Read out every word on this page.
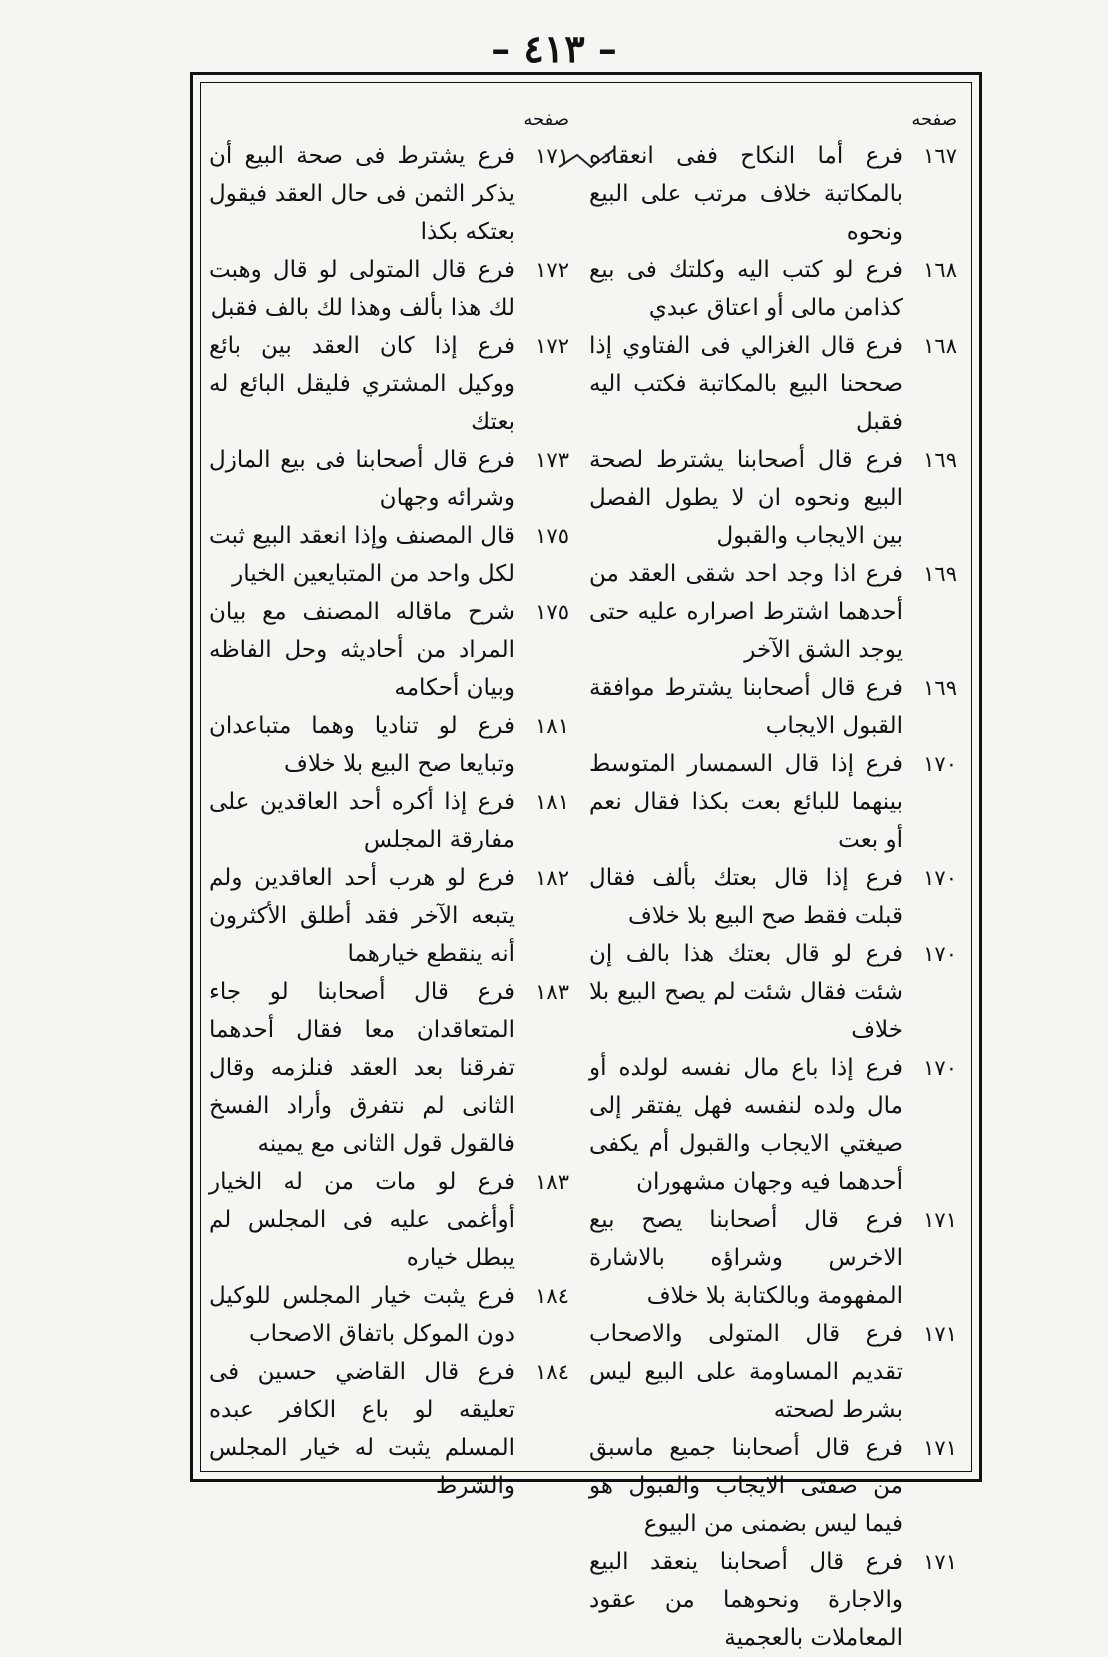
– ٤١٣ –
صفحه
١٦٧
فرع أما النكاح ففى انعقاده بالمكاتبة خلاف مرتب على البيع ونحوه
١٦٨
فرع لو كتب اليه وكلتك فى بيع كذامن مالى أو اعتاق عبدي
١٦٨
فرع قال الغزالي فى الفتاوي إذا صححنا البيع بالمكاتبة فكتب اليه فقبل
١٦٩
فرع قال أصحابنا يشترط لصحة البيع ونحوه ان لا يطول الفصل بين الايجاب والقبول
١٦٩
فرع اذا وجد احد شقى العقد من أحدهما اشترط اصراره عليه حتى يوجد الشق الآخر
١٦٩
فرع قال أصحابنا يشترط موافقة القبول الايجاب
١٧٠
فرع إذا قال السمسار المتوسط بينهما للبائع بعت بكذا فقال نعم أو بعت
١٧٠
فرع إذا قال بعتك بألف فقال قبلت فقط صح البيع بلا خلاف
١٧٠
فرع لو قال بعتك هذا بالف إن شئت فقال شئت لم يصح البيع بلا خلاف
١٧٠
فرع إذا باع مال نفسه لولده أو مال ولده لنفسه فهل يفتقر إلى صيغتي الايجاب والقبول أم يكفى أحدهما فيه وجهان مشهوران
١٧١
فرع قال أصحابنا يصح بيع الاخرس وشراؤه بالاشارة المفهومة وبالكتابة بلا خلاف
١٧١
فرع قال المتولى والاصحاب تقديم المساومة على البيع ليس بشرط لصحته
١٧١
فرع قال أصحابنا جميع ماسبق من صفتى الايجاب والقبول هو فيما ليس بضمنى من البيوع
١٧١
فرع قال أصحابنا ينعقد البيع والاجارة ونحوهما من عقود المعاملات بالعجمية
صفحه
١٧١
فرع يشترط فى صحة البيع أن يذكر الثمن فى حال العقد فيقول بعتكه بكذا
١٧٢
فرع قال المتولى لو قال وهبت لك هذا بألف وهذا لك بالف فقبل
١٧٢
فرع إذا كان العقد بين بائع ووكيل المشتري فليقل البائع له بعتك
١٧٣
فرع قال أصحابنا فى بيع المازل وشرائه وجهان
١٧٥
قال المصنف وإذا انعقد البيع ثبت لكل واحد من المتبايعين الخيار
١٧٥
شرح ماقاله المصنف مع بيان المراد من أحاديثه وحل الفاظه وبيان أحكامه
١٨١
فرع لو تناديا وهما متباعدان وتبايعا صح البيع بلا خلاف
١٨١
فرع إذا أكره أحد العاقدين على مفارقة المجلس
١٨٢
فرع لو هرب أحد العاقدين ولم يتبعه الآخر فقد أطلق الأكثرون أنه ينقطع خيارهما
١٨٣
فرع قال أصحابنا لو جاء المتعاقدان معا فقال أحدهما تفرقنا بعد العقد فنلزمه وقال الثانى لم نتفرق وأراد الفسخ فالقول قول الثانى مع يمينه
١٨٣
فرع لو مات من له الخيار أوأغمى عليه فى المجلس لم يبطل خياره
١٨٤
فرع يثبت خيار المجلس للوكيل دون الموكل باتفاق الاصحاب
١٨٤
فرع قال القاضي حسين فى تعليقه لو باع الكافر عبده المسلم يثبت له خيار المجلس والشرط
